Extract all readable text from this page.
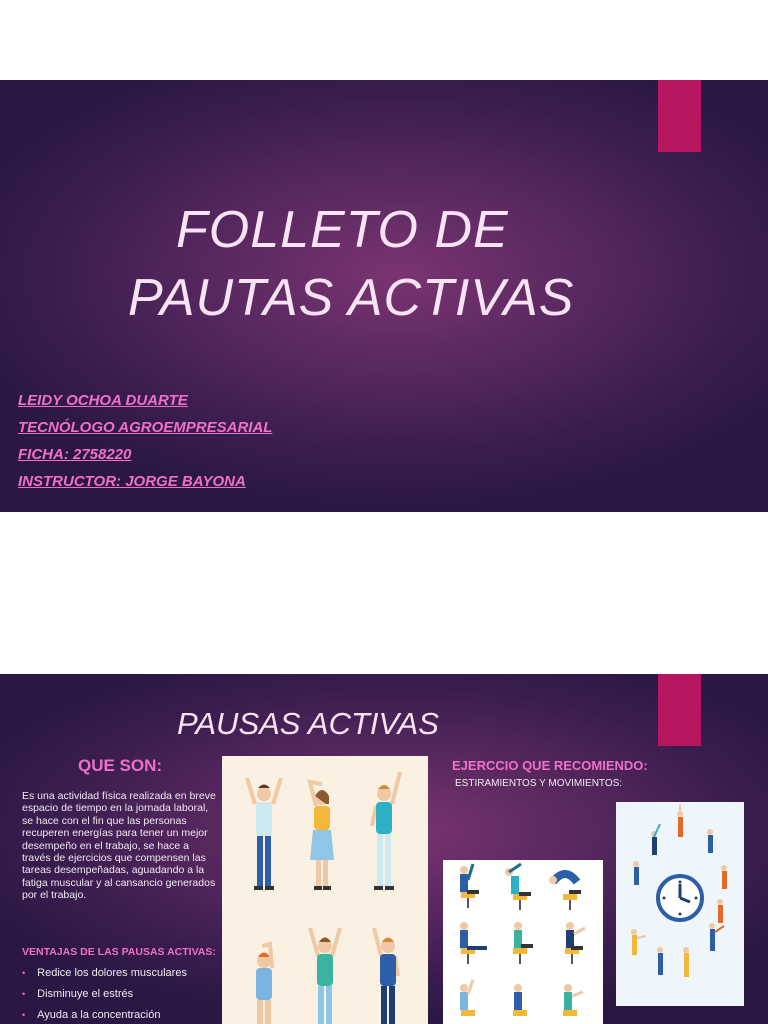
FOLLETO DE
PAUTAS ACTIVAS
LEIDY OCHOA DUARTE
TECNÓLOGO AGROEMPRESARIAL
FICHA: 2758220
INSTRUCTOR: JORGE BAYONA
PAUSAS ACTIVAS
QUE SON:
Es una actividad física realizada en breve espacio de tiempo en la jornada laboral, se hace con el fin que las personas recuperen energías para tener un mejor desempeño en el trabajo, se hace a través de ejercicios que compensen las tareas desempeñadas, aguadando a la fatiga muscular y al cansancio generados por el trabajo.
VENTAJAS DE LAS PAUSAS ACTIVAS:
• Redice los dolores musculares
• Disminuye el estrés
• Ayuda a la concentración
EJERCCIO QUE RECOMIENDO:
ESTIRAMIENTOS Y MOVIMIENTOS:
